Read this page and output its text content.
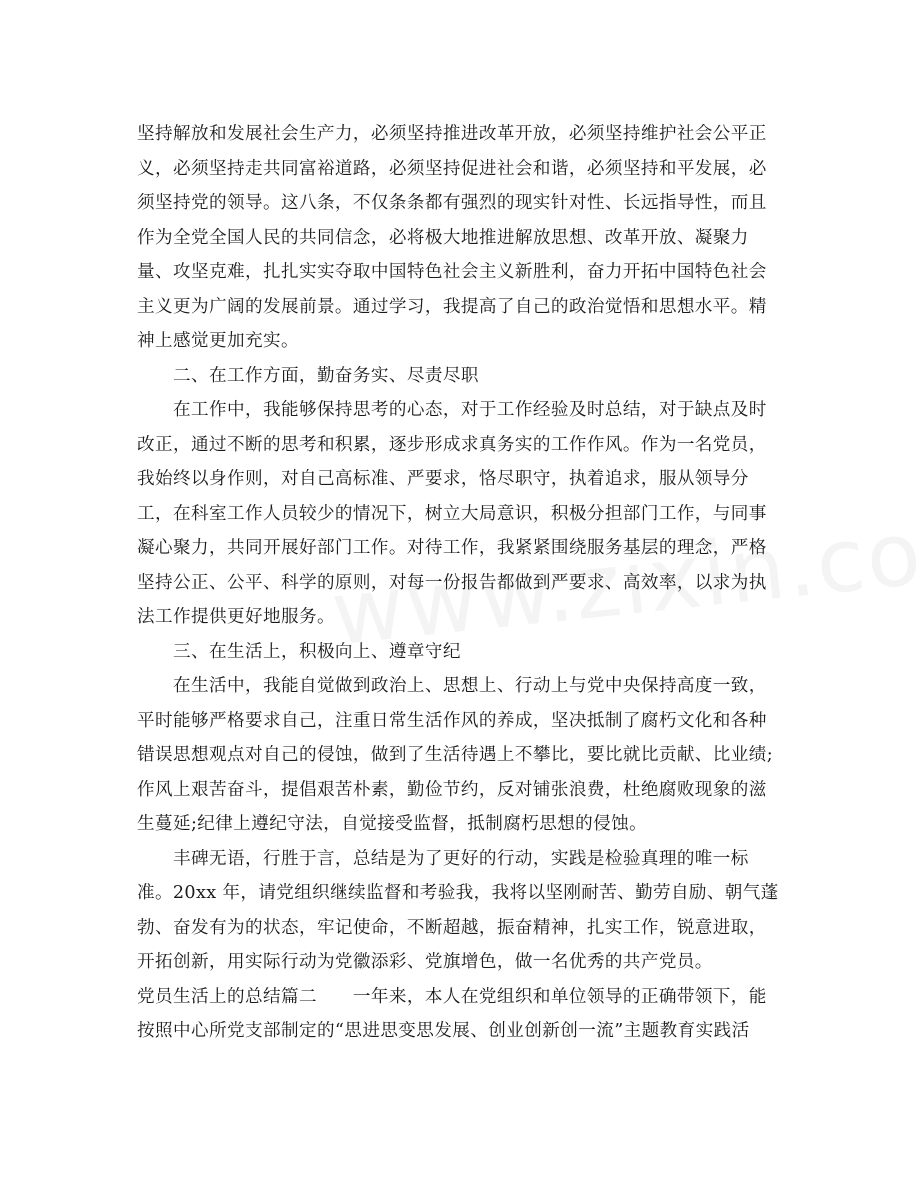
坚持解放和发展社会生产力，必须坚持推进改革开放，必须坚持维护社会公平正
义，必须坚持走共同富裕道路，必须坚持促进社会和谐，必须坚持和平发展，必
须坚持党的领导。这八条，不仅条条都有强烈的现实针对性、长远指导性，而且
作为全党全国人民的共同信念，必将极大地推进解放思想、改革开放、凝聚力
量、攻坚克难，扎扎实实夺取中国特色社会主义新胜利，奋力开拓中国特色社会
主义更为广阔的发展前景。通过学习，我提高了自己的政治觉悟和思想水平。精
神上感觉更加充实。
　　二、在工作方面，勤奋务实、尽责尽职
　　在工作中，我能够保持思考的心态，对于工作经验及时总结，对于缺点及时
改正，通过不断的思考和积累，逐步形成求真务实的工作作风。作为一名党员，
我始终以身作则，对自己高标准、严要求，恪尽职守，执着追求，服从领导分
工，在科室工作人员较少的情况下，树立大局意识，积极分担部门工作，与同事
凝心聚力，共同开展好部门工作。对待工作，我紧紧围绕服务基层的理念，严格
坚持公正、公平、科学的原则，对每一份报告都做到严要求、高效率，以求为执
法工作提供更好地服务。
　　三、在生活上，积极向上、遵章守纪
　　在生活中，我能自觉做到政治上、思想上、行动上与党中央保持高度一致，
平时能够严格要求自己，注重日常生活作风的养成，坚决抵制了腐朽文化和各种
错误思想观点对自己的侵蚀，做到了生活待遇上不攀比，要比就比贡献、比业绩;
作风上艰苦奋斗，提倡艰苦朴素，勤俭节约，反对铺张浪费，杜绝腐败现象的滋
生蔓延;纪律上遵纪守法，自觉接受监督，抵制腐朽思想的侵蚀。
　　丰碑无语，行胜于言，总结是为了更好的行动，实践是检验真理的唯一标
准。20xx 年，请党组织继续监督和考验我，我将以坚刚耐苦、勤劳自励、朝气蓬
勃、奋发有为的状态，牢记使命，不断超越，振奋精神，扎实工作，锐意进取，
开拓创新，用实际行动为党徽添彩、党旗增色，做一名优秀的共产党员。
党员生活上的总结篇二　　一年来，本人在党组织和单位领导的正确带领下，能
按照中心所党支部制定的“思进思变思发展、创业创新创一流”主题教育实践活
